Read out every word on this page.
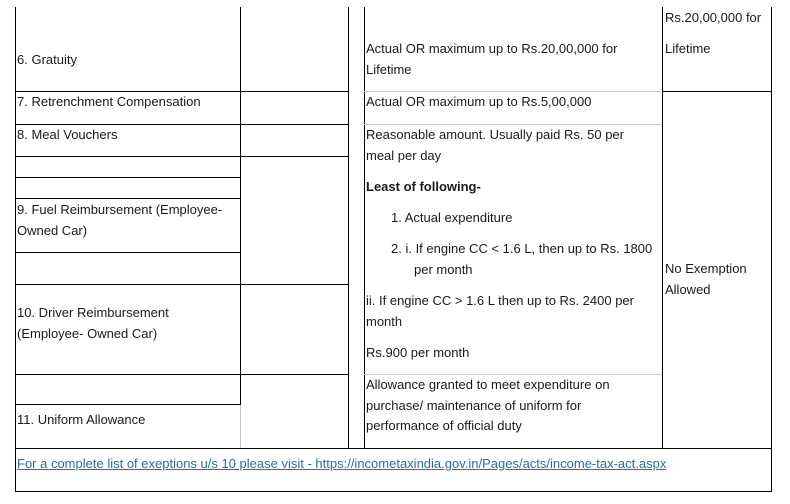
6. Gratuity
7. Retrenchment Compensation
8. Meal Vouchers
9. Fuel Reimbursement (Employee-
Owned Car)
10. Driver Reimbursement
(Employee- Owned Car)
11. Uniform Allowance
Actual OR maximum up to Rs.20,00,000 for
Lifetime
Actual OR maximum up to Rs.5,00,000
Reasonable amount. Usually paid Rs. 50 per
meal per day
Least of following-
1. Actual expenditure
2. i. If engine CC < 1.6 L, then up to Rs. 1800
per month
ii. If engine CC > 1.6 L then up to Rs. 2400 per
month
Rs.900 per month
Allowance granted to meet expenditure on
purchase/ maintenance of uniform for
performance of official duty
Rs.20,00,000 for
Lifetime
No Exemption
Allowed
For a complete list of exeptions u/s 10 please visit - https://incometaxindia.gov.in/Pages/acts/income-tax-act.aspx
